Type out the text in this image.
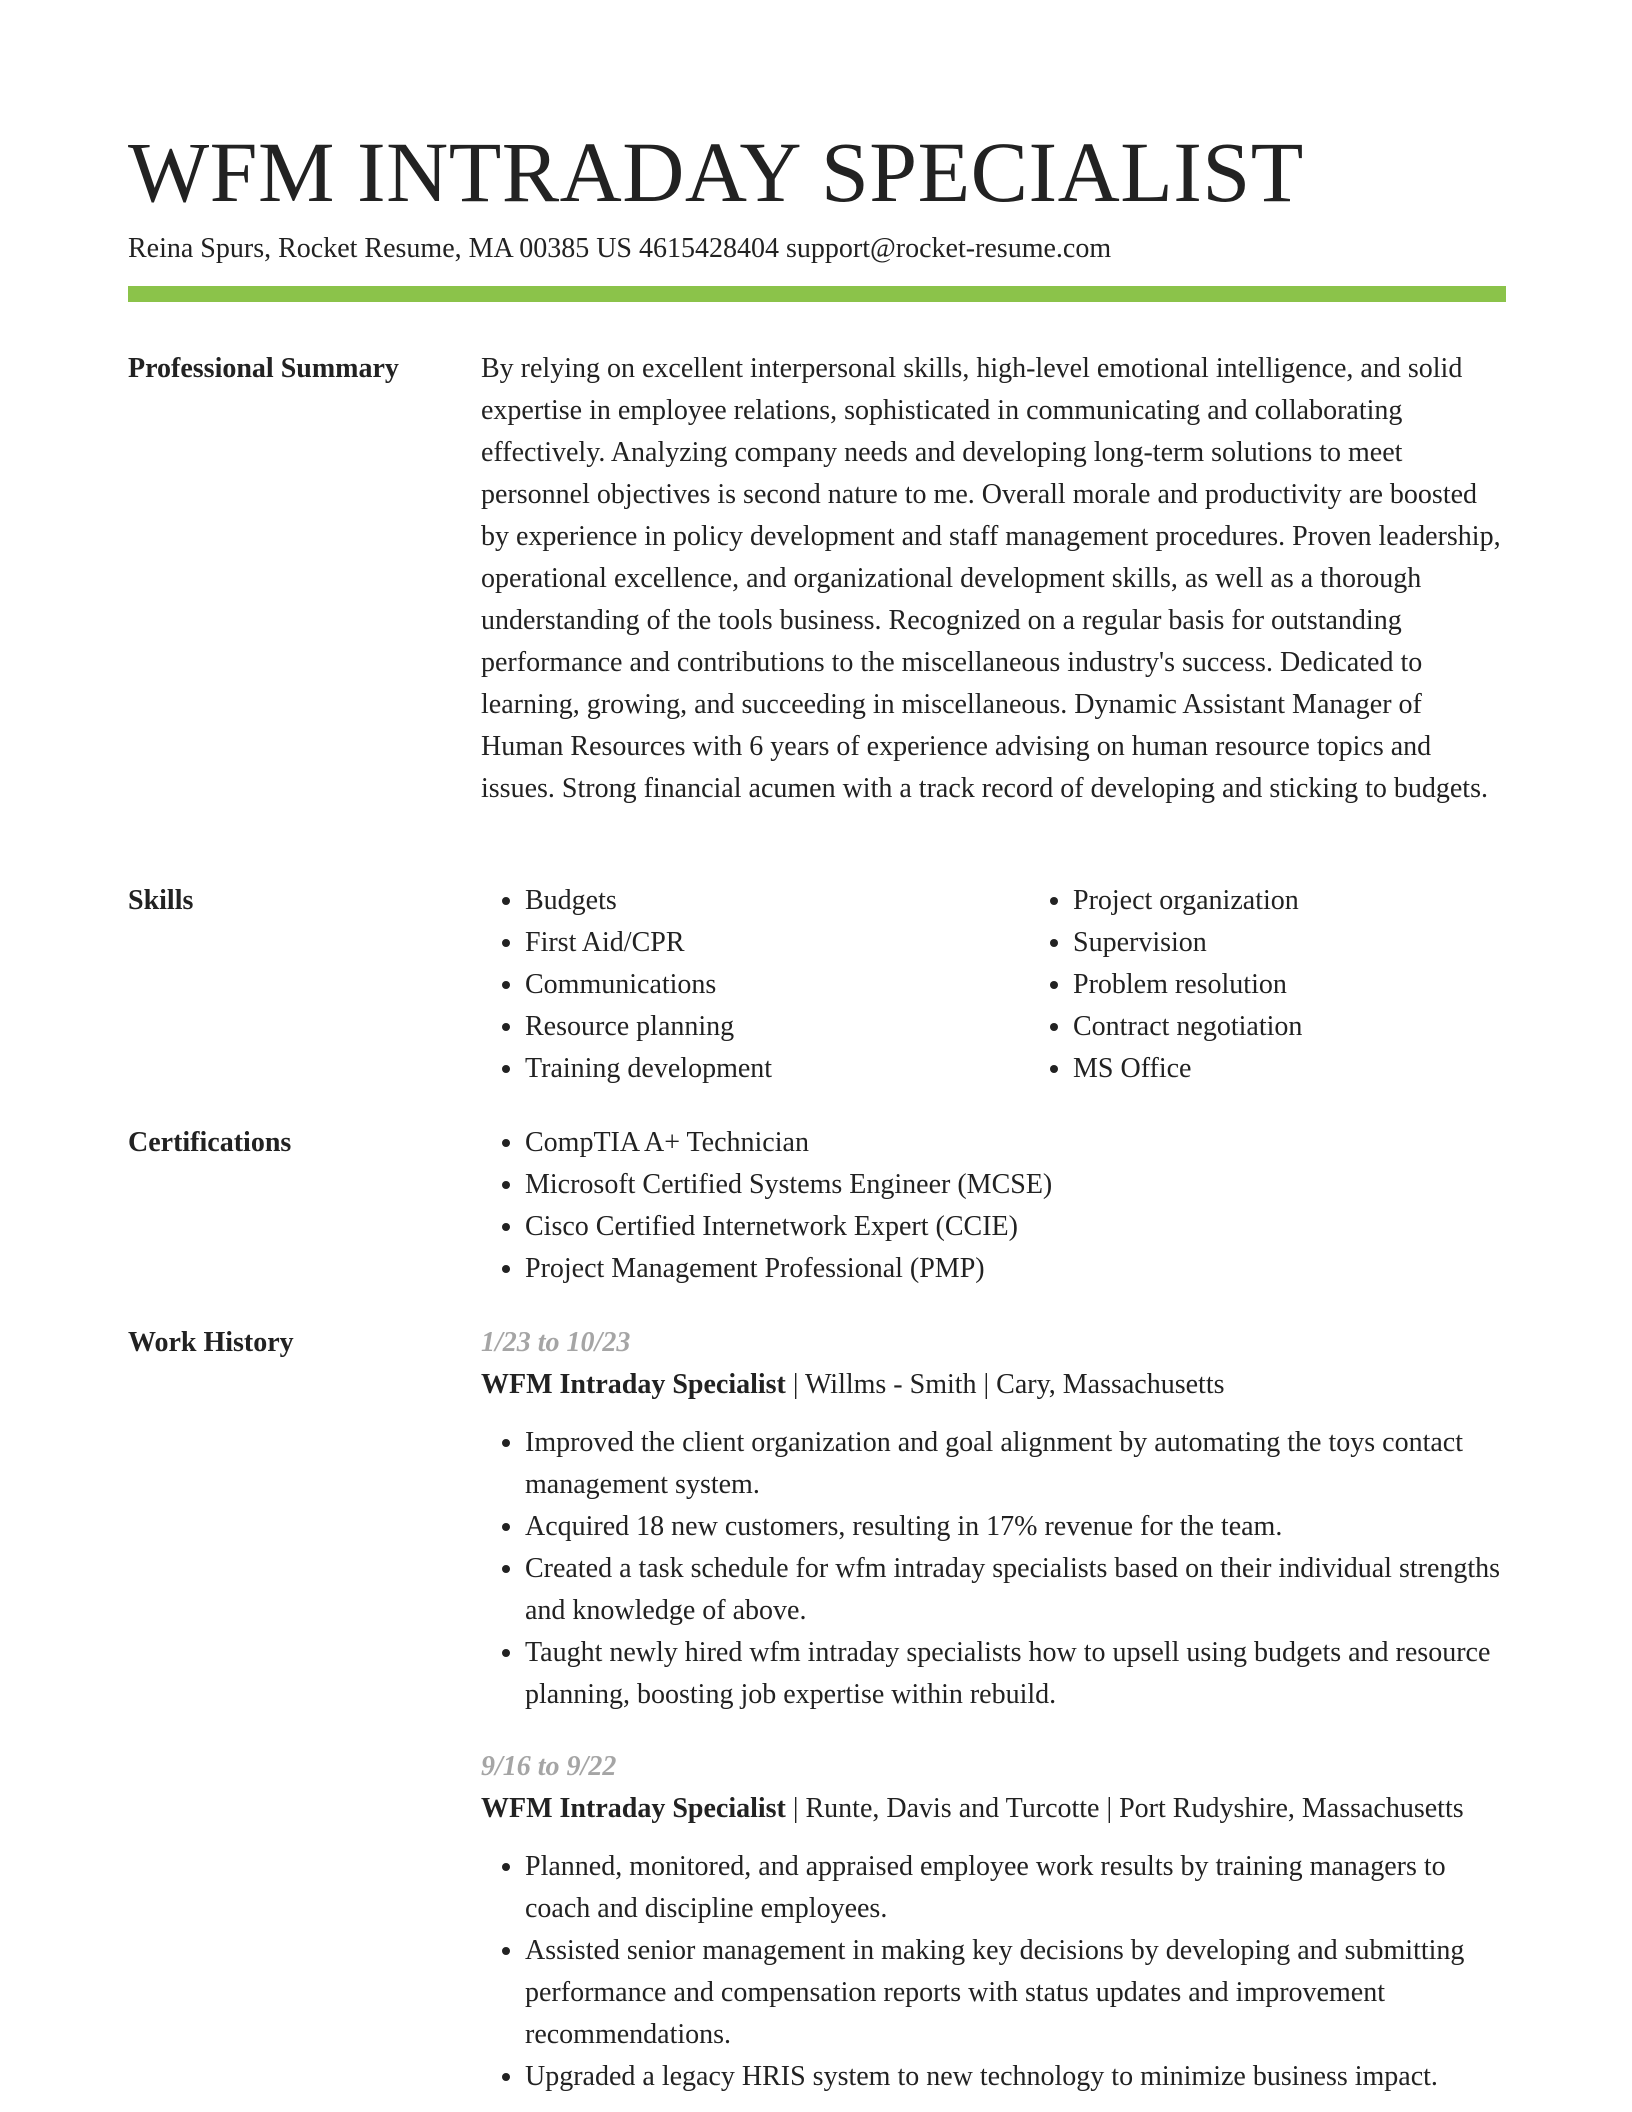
WFM INTRADAY SPECIALIST
Reina Spurs, Rocket Resume, MA 00385 US 4615428404 support@rocket-resume.com
Professional Summary	By relying on excellent interpersonal skills, high-level emotional intelligence, and solid expertise in employee relations, sophisticated in communicating and collaborating effectively. Analyzing company needs and developing long-term solutions to meet personnel objectives is second nature to me. Overall morale and productivity are boosted by experience in policy development and staff management procedures. Proven leadership, operational excellence, and organizational development skills, as well as a thorough understanding of the tools business. Recognized on a regular basis for outstanding performance and contributions to the miscellaneous industry's success. Dedicated to learning, growing, and succeeding in miscellaneous. Dynamic Assistant Manager of Human Resources with 6 years of experience advising on human resource topics and issues. Strong financial acumen with a track record of developing and sticking to budgets.

Skills	• Budgets
• First Aid/CPR
• Communications
• Resource planning
• Training development
• Project organization
• Supervision
• Problem resolution
• Contract negotiation
• MS Office
Certifications	• CompTIA A+ Technician
• Microsoft Certified Systems Engineer (MCSE)
• Cisco Certified Internetwork Expert (CCIE)
• Project Management Professional (PMP)
Work History	1/23 to 10/23
WFM Intraday Specialist | Willms - Smith | Cary, Massachusetts
• Improved the client organization and goal alignment by automating the toys contact management system.
• Acquired 18 new customers, resulting in 17% revenue for the team.
• Created a task schedule for wfm intraday specialists based on their individual strengths and knowledge of above.
• Taught newly hired wfm intraday specialists how to upsell using budgets and resource planning, boosting job expertise within rebuild.
9/16 to 9/22
WFM Intraday Specialist | Runte, Davis and Turcotte | Port Rudyshire, Massachusetts
• Planned, monitored, and appraised employee work results by training managers to coach and discipline employees.
• Assisted senior management in making key decisions by developing and submitting performance and compensation reports with status updates and improvement recommendations.
• Upgraded a legacy HRIS system to new technology to minimize business impact.
